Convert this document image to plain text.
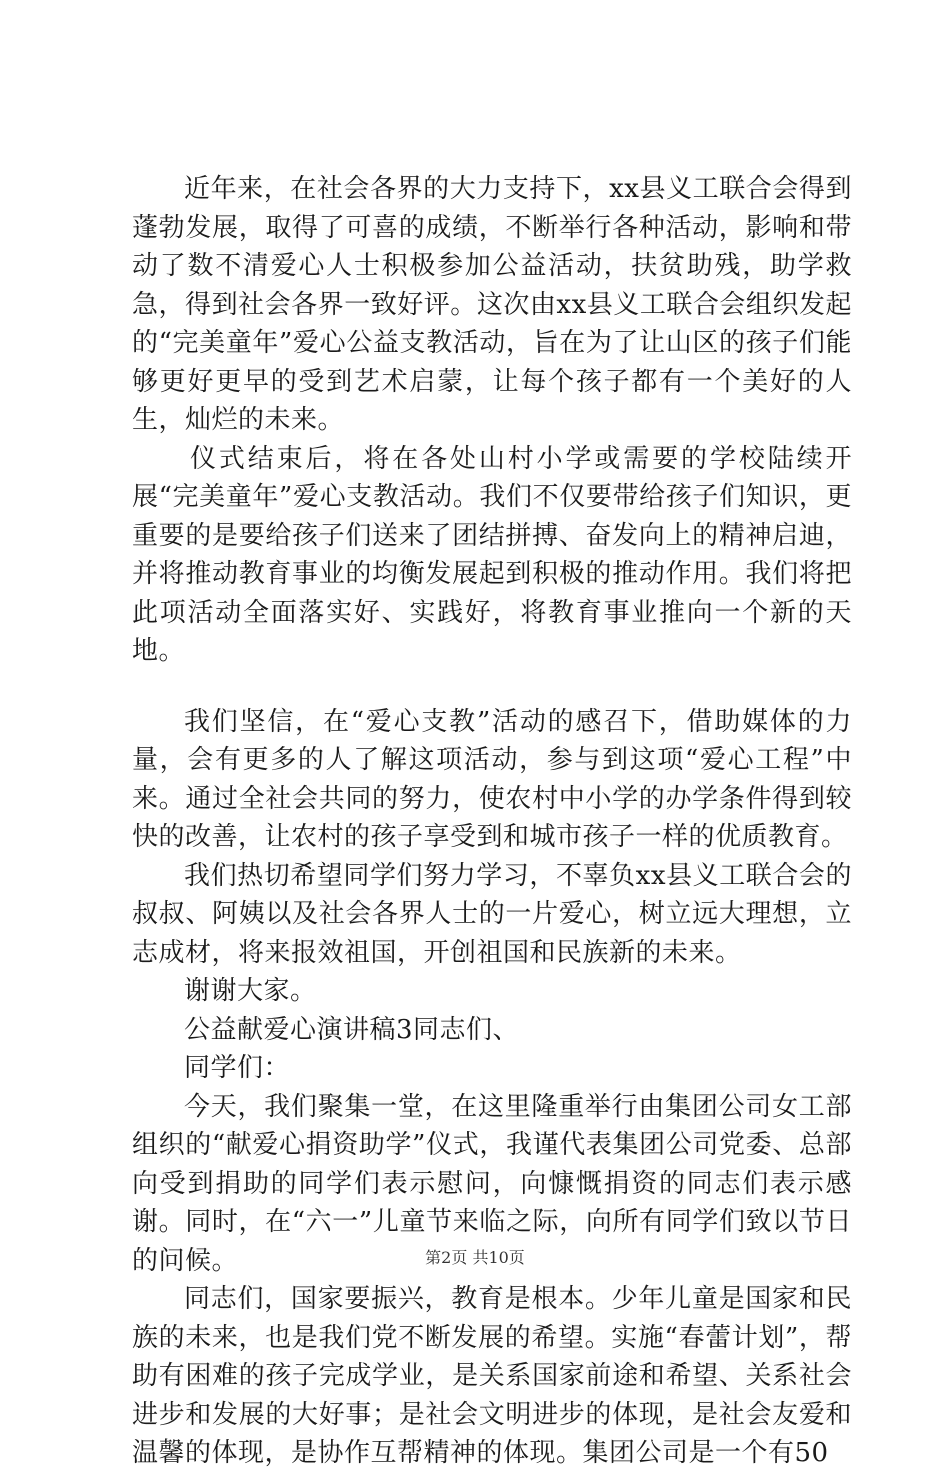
近年来，在社会各界的大力支持下，xx县义工联合会得到蓬勃发展，取得了可喜的成绩，不断举行各种活动，影响和带动了数不清爱心人士积极参加公益活动，扶贫助残，助学救急，得到社会各界一致好评。这次由xx县义工联合会组织发起的“完美童年”爱心公益支教活动，旨在为了让山区的孩子们能够更好更早的受到艺术启蒙，让每个孩子都有一个美好的人生，灿烂的未来。

仪式结束后，将在各处山村小学或需要的学校陆续开展“完美童年”爱心支教活动。我们不仅要带给孩子们知识，更重要的是要给孩子们送来了团结拼搏、奋发向上的精神启迪，并将推动教育事业的均衡发展起到积极的推动作用。我们将把此项活动全面落实好、实践好，将教育事业推向一个新的天地。

我们坚信，在“爱心支教”活动的感召下，借助媒体的力量，会有更多的人了解这项活动，参与到这项“爱心工程”中来。通过全社会共同的努力，使农村中小学的办学条件得到较快的改善，让农村的孩子享受到和城市孩子一样的优质教育。

我们热切希望同学们努力学习，不辜负xx县义工联合会的叔叔、阿姨以及社会各界人士的一片爱心，树立远大理想，立志成材，将来报效祖国，开创祖国和民族新的未来。

谢谢大家。

公益献爱心演讲稿3同志们、

同学们：

今天，我们聚集一堂，在这里隆重举行由集团公司女工部组织的“献爱心捐资助学”仪式，我谨代表集团公司党委、总部向受到捐助的同学们表示慰问，向慷慨捐资的同志们表示感谢。同时，在“六一”儿童节来临之际，向所有同学们致以节日的问候。

同志们，国家要振兴，教育是根本。少年儿童是国家和民族的未来，也是我们党不断发展的希望。实施“春蕾计划”，帮助有困难的孩子完成学业，是关系国家前途和希望、关系社会进步和发展的大好事；是社会文明进步的体现，是社会友爱和温馨的体现，是协作互帮精神的体现。集团公司是一个有50

第2页 共10页
